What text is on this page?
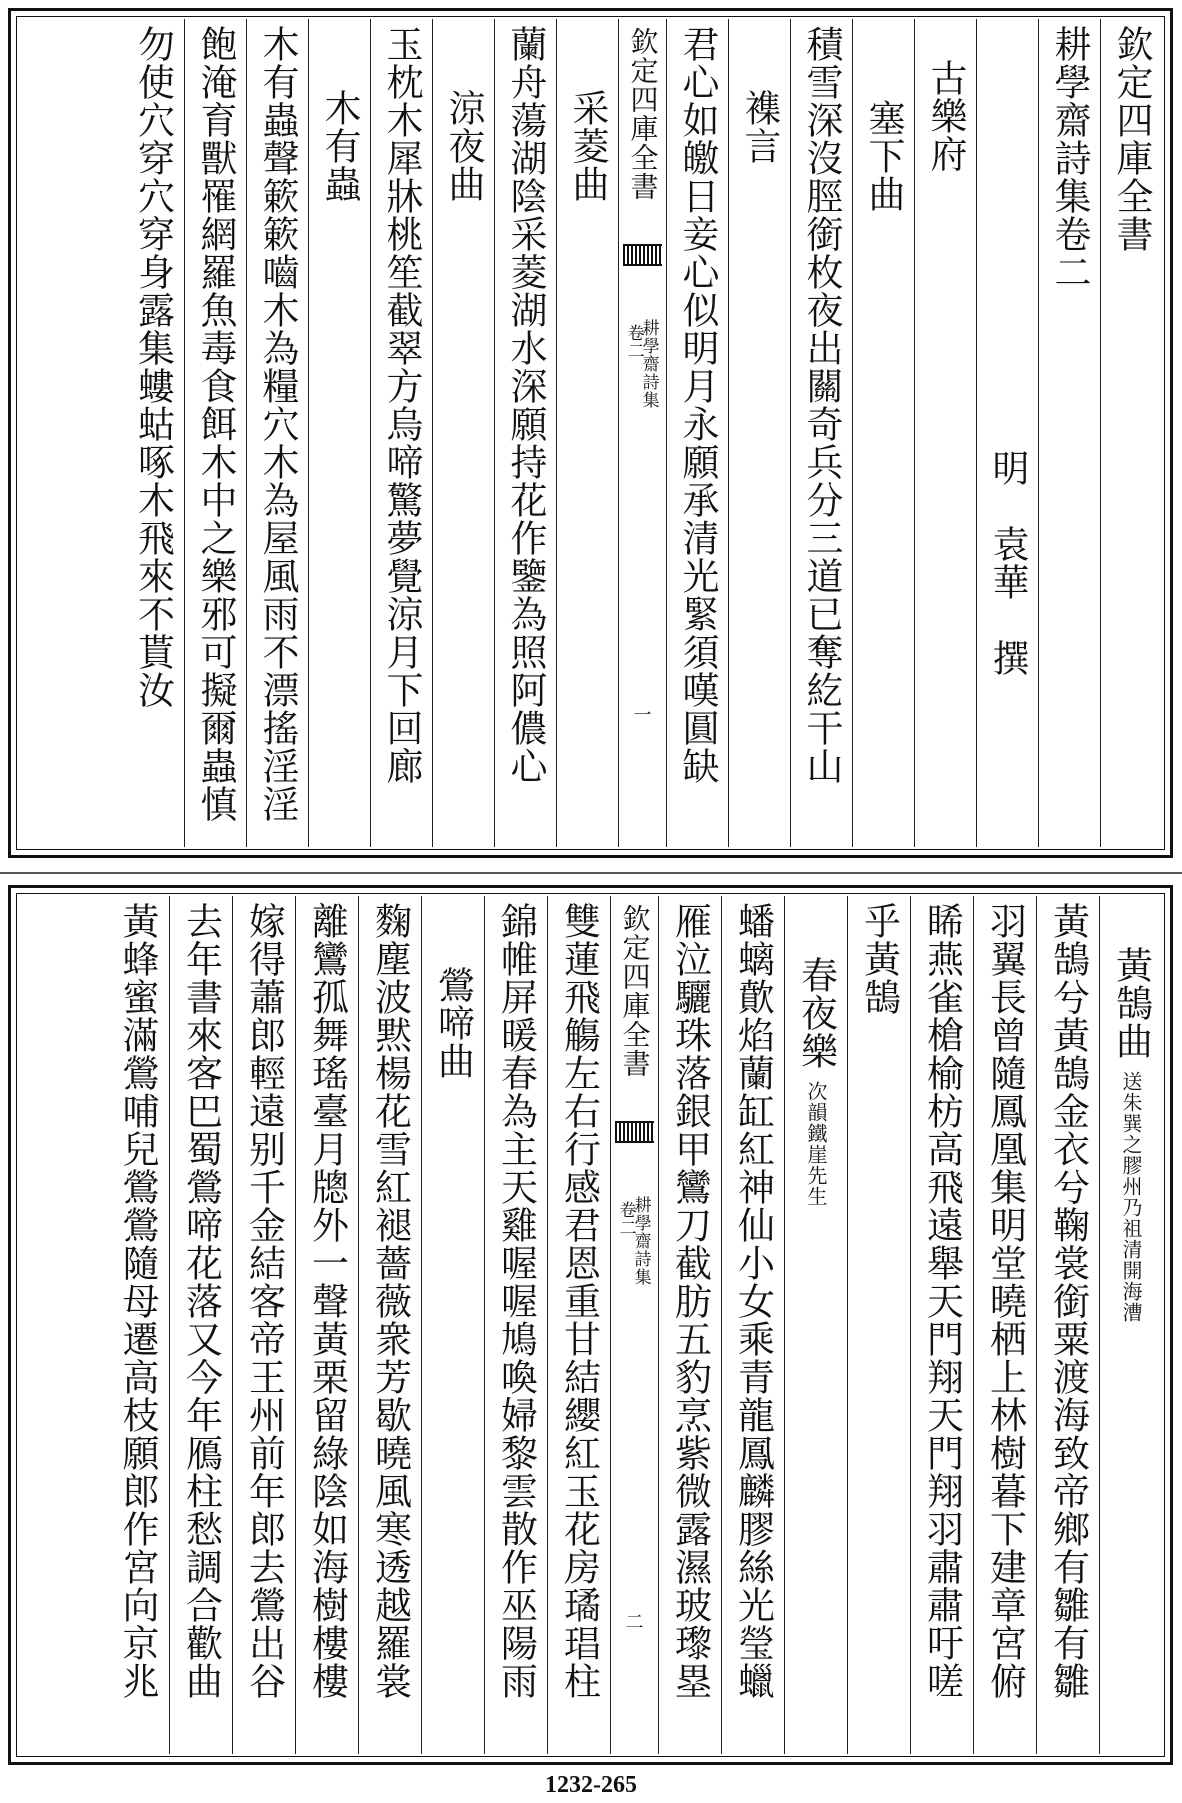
欽定四庫全書
耕學齋詩集卷二
明　袁華　撰
古樂府
塞下曲
積雪深沒脛銜枚夜出關奇兵分三道已奪紇干山
襍言
君心如皦日妾心似明月永願承清光緊須嘆圓缺
欽定四庫全書
耕學齋詩集
卷二
一
采菱曲
蘭舟蕩湖陰采菱湖水深願持花作鑒為照阿儂心
涼夜曲
玉枕木犀牀桃笙截翠方烏啼驚夢覺涼月下回廊
木有蟲
木有蟲聲簌簌嚙木為糧穴木為屋風雨不漂搖淫淫
飽淹育獸罹網羅魚毒食餌木中之樂邪可擬爾蟲慎
勿使穴穿穴穿身露集螻蛄啄木飛來不貰汝
黃鵠曲
送朱巽之膠州乃祖清開海漕
黃鵠兮黃鵠金衣兮鞠裳銜粟渡海致帝鄉有雛有雛
羽翼長曾隨鳳凰集明堂曉栖上林樹暮下建章宮俯
睎燕雀槍榆枋高飛遠舉天門翔天門翔羽肅肅吁嗟
乎黃鵠
春夜樂
次韻鐵崖先生
蟠螭歕焰蘭缸紅神仙小女乘青龍鳳麟膠絲光瑩蠟
雁泣驪珠落銀甲鸞刀截肪五豹烹紫微露濕玻瓈塁
欽定四庫全書
耕學齋詩集
卷二
二
雙蓮飛觴左右行感君恩重甘結纓紅玉花房璚琩柱
錦帷屏暖春為主天雞喔喔鳩喚婦黎雲散作巫陽雨
鶯啼曲
麴塵波黙楊花雪紅褪薔薇衆芳歇曉風寒透越羅裳
離鸞孤舞瑤臺月牕外一聲黃栗留綠陰如海樹樓樓
嫁得蕭郎輕遠别千金結客帝王州前年郎去鶯出谷
去年書來客巴蜀鶯啼花落又今年鴈柱愁調合歡曲
黃蜂蜜滿鶯哺兒鶯鶯隨母遷高枝願郎作宮向京兆
1232-265
